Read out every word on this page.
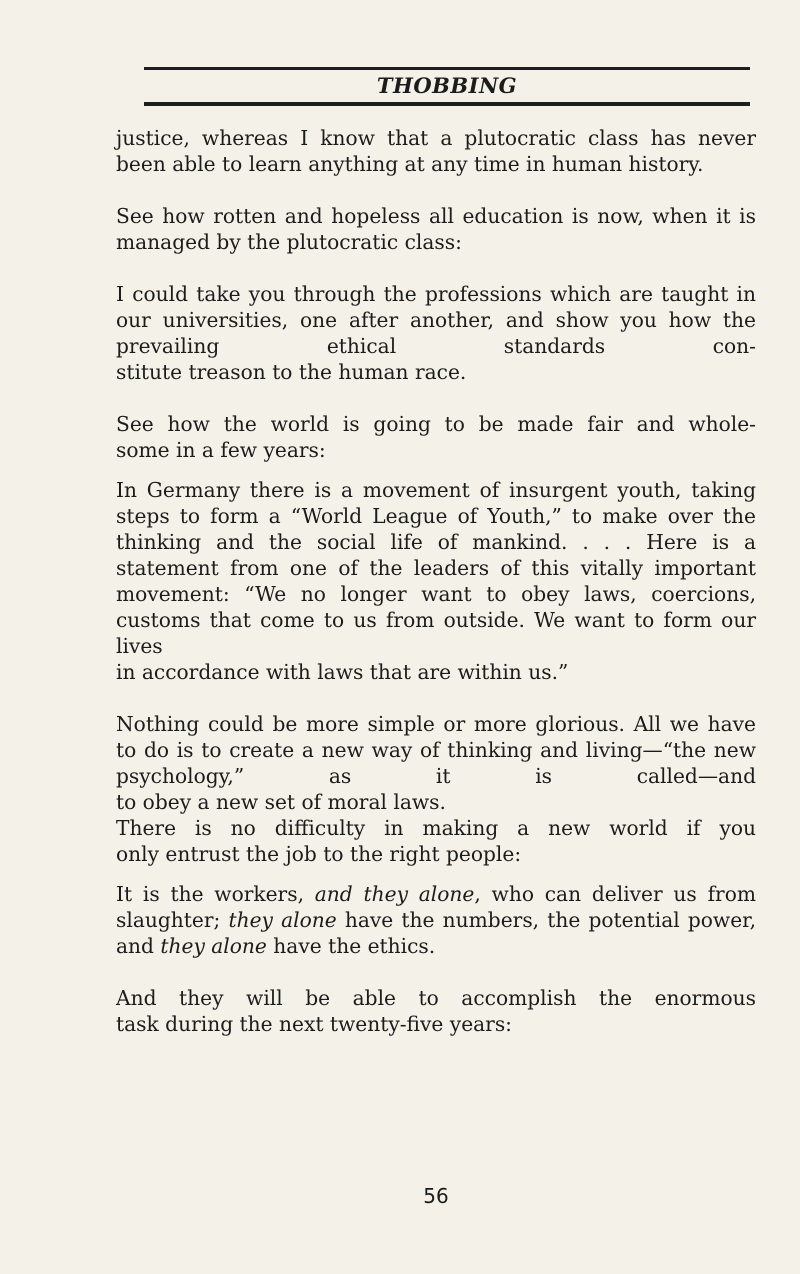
THOBBING

justice, whereas I know that a plutocratic class has never been able to learn anything at any time in human history.

See how rotten and hopeless all education is now, when it is managed by the plutocratic class:

I could take you through the professions which are taught in our universities, one after another, and show you how the prevailing ethical standards con-
stitute treason to the human race.

See how the world is going to be made fair and whole-
some in a few years:

In Germany there is a movement of insurgent youth, taking steps to form a “World League of Youth,” to make over the thinking and the social life of mankind. . . . Here is a statement from one of the leaders of this vitally important movement: “We no longer want to obey laws, coercions, customs that come to us from outside. We want to form our lives
in accordance with laws that are within us.”

Nothing could be more simple or more glorious. All we have to do is to create a new way of thinking and living—“the new psychology,” as it is called—and
to obey a new set of moral laws.

There is no difficulty in making a new world if you
only entrust the job to the right people:

It is the workers, and they alone, who can deliver us from slaughter; they alone have the numbers, the potential power, and they alone have the ethics.

And they will be able to accomplish the enormous
task during the next twenty-five years:

56
